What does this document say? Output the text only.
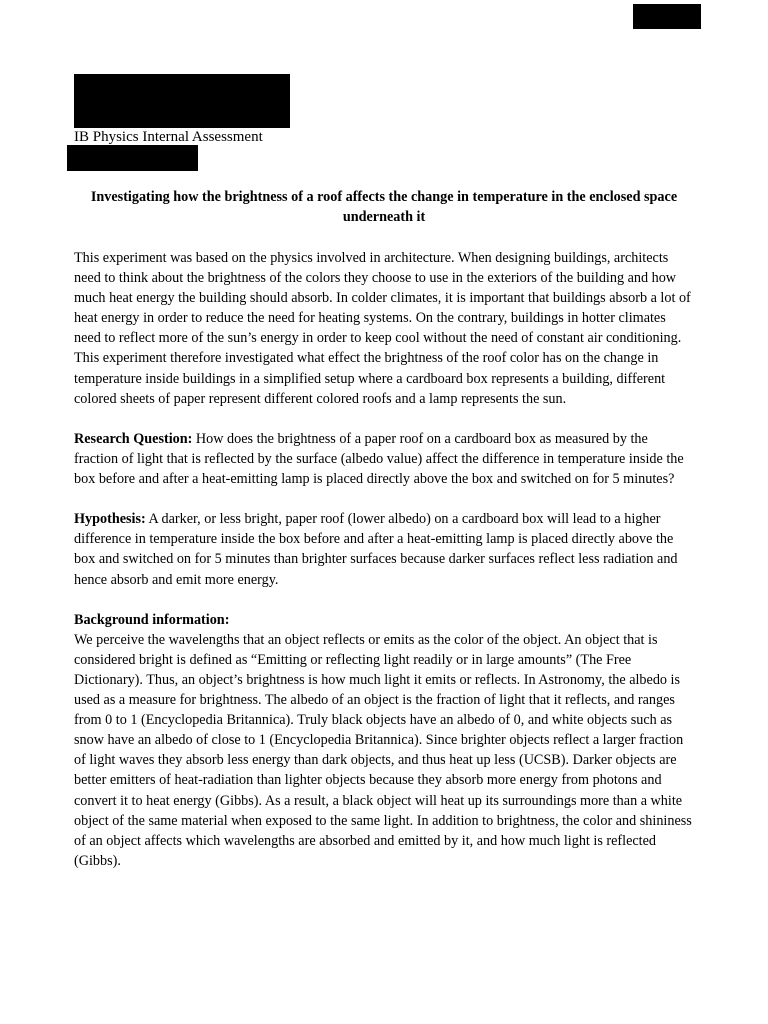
IB Physics Internal Assessment
Investigating how the brightness of a roof affects the change in temperature in the enclosed space underneath it

This experiment was based on the physics involved in architecture. When designing buildings, architects need to think about the brightness of the colors they choose to use in the exteriors of the building and how much heat energy the building should absorb. In colder climates, it is important that buildings absorb a lot of heat energy in order to reduce the need for heating systems. On the contrary, buildings in hotter climates need to reflect more of the sun’s energy in order to keep cool without the need of constant air conditioning. This experiment therefore investigated what effect the brightness of the roof color has on the change in temperature inside buildings in a simplified setup where a cardboard box represents a building, different colored sheets of paper represent different colored roofs and a lamp represents the sun.

Research Question: How does the brightness of a paper roof on a cardboard box as measured by the fraction of light that is reflected by the surface (albedo value) affect the difference in temperature inside the box before and after a heat-emitting lamp is placed directly above the box and switched on for 5 minutes?

Hypothesis: A darker, or less bright, paper roof (lower albedo) on a cardboard box will lead to a higher difference in temperature inside the box before and after a heat-emitting lamp is placed directly above the box and switched on for 5 minutes than brighter surfaces because darker surfaces reflect less radiation and hence absorb and emit more energy.

Background information:

We perceive the wavelengths that an object reflects or emits as the color of the object. An object that is considered bright is defined as “Emitting or reflecting light readily or in large amounts” (The Free Dictionary). Thus, an object’s brightness is how much light it emits or reflects. In Astronomy, the albedo is used as a measure for brightness. The albedo of an object is the fraction of light that it reflects, and ranges from 0 to 1 (Encyclopedia Britannica). Truly black objects have an albedo of 0, and white objects such as snow have an albedo of close to 1 (Encyclopedia Britannica). Since brighter objects reflect a larger fraction of light waves they absorb less energy than dark objects, and thus heat up less (UCSB). Darker objects are better emitters of heat-radiation than lighter objects because they absorb more energy from photons and convert it to heat energy (Gibbs). As a result, a black object will heat up its surroundings more than a white object of the same material when exposed to the same light. In addition to brightness, the color and shininess of an object affects which wavelengths are absorbed and emitted by it, and how much light is reflected (Gibbs).
